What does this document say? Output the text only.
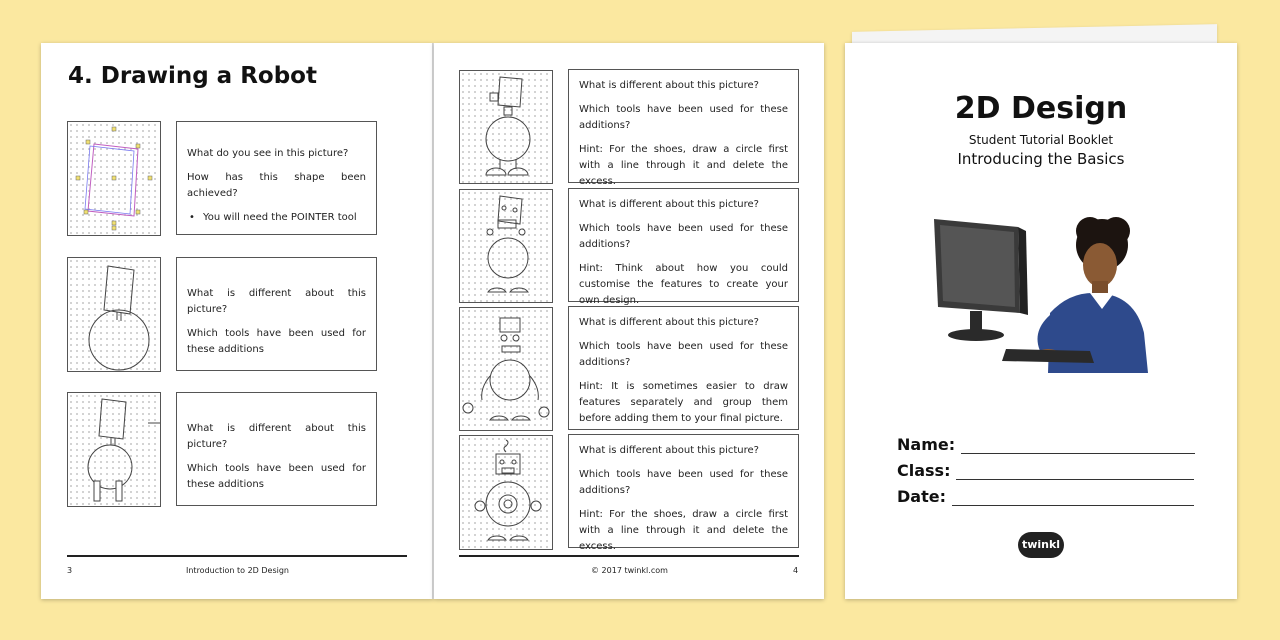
4. Drawing a Robot

What do you see in this picture?

How has this shape been achieved?

• You will need the POINTER tool

What is different about this picture?

Which tools have been used for these additions

What is different about this picture?

Which tools have been used for these additions

3	Introduction to 2D Design

What is different about this picture?

Which tools have been used for these additions?

Hint: For the shoes, draw a circle first with a line through it and delete the excess.

What is different about this picture?

Which tools have been used for these additions?

Hint: Think about how you could customise the features to create your own design.

What is different about this picture?

Which tools have been used for these additions?

Hint: It is sometimes easier to draw features separately and group them before adding them to your final picture.

What is different about this picture?

Which tools have been used for these additions?

Hint: For the shoes, draw a circle first with a line through it and delete the excess.

© 2017 twinkl.com	4
2D Design
Student Tutorial Booklet
Introducing the Basics
Name:
Class:
Date:
twinkl
